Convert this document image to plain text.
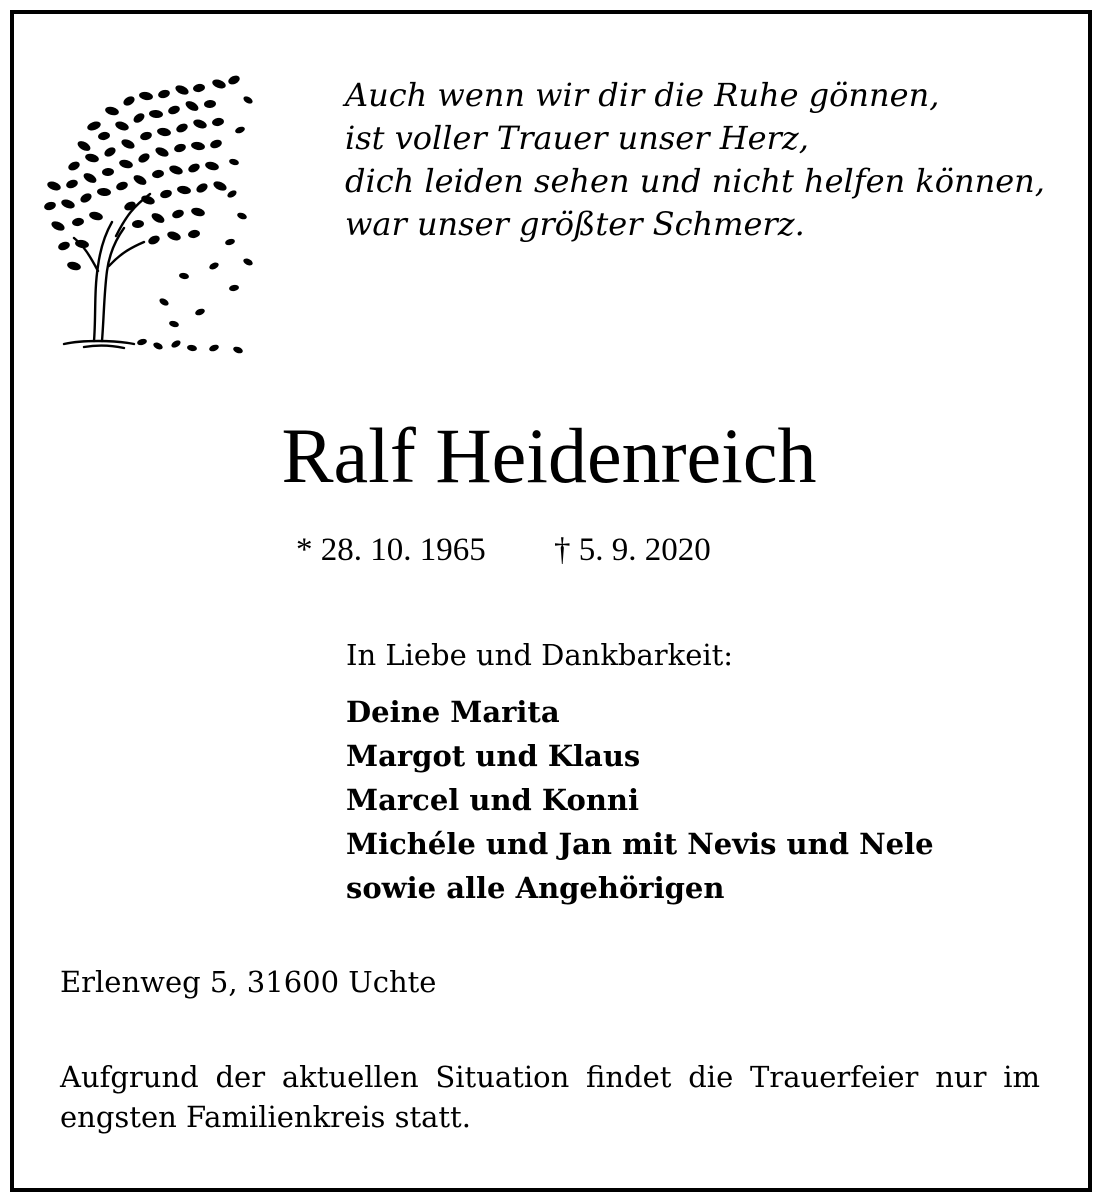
Auch wenn wir dir die Ruhe gönnen,
ist voller Trauer unser Herz,
dich leiden sehen und nicht helfen können,
war unser größter Schmerz.
Ralf Heidenreich
* 28. 10. 1965 † 5. 9. 2020
In Liebe und Dankbarkeit:
Deine Marita
Margot und Klaus
Marcel und Konni
Michéle und Jan mit Nevis und Nele
sowie alle Angehörigen
Erlenweg 5, 31600 Uchte

Aufgrund der aktuellen Situation findet die Trauerfeier nur im engsten Familienkreis statt.
